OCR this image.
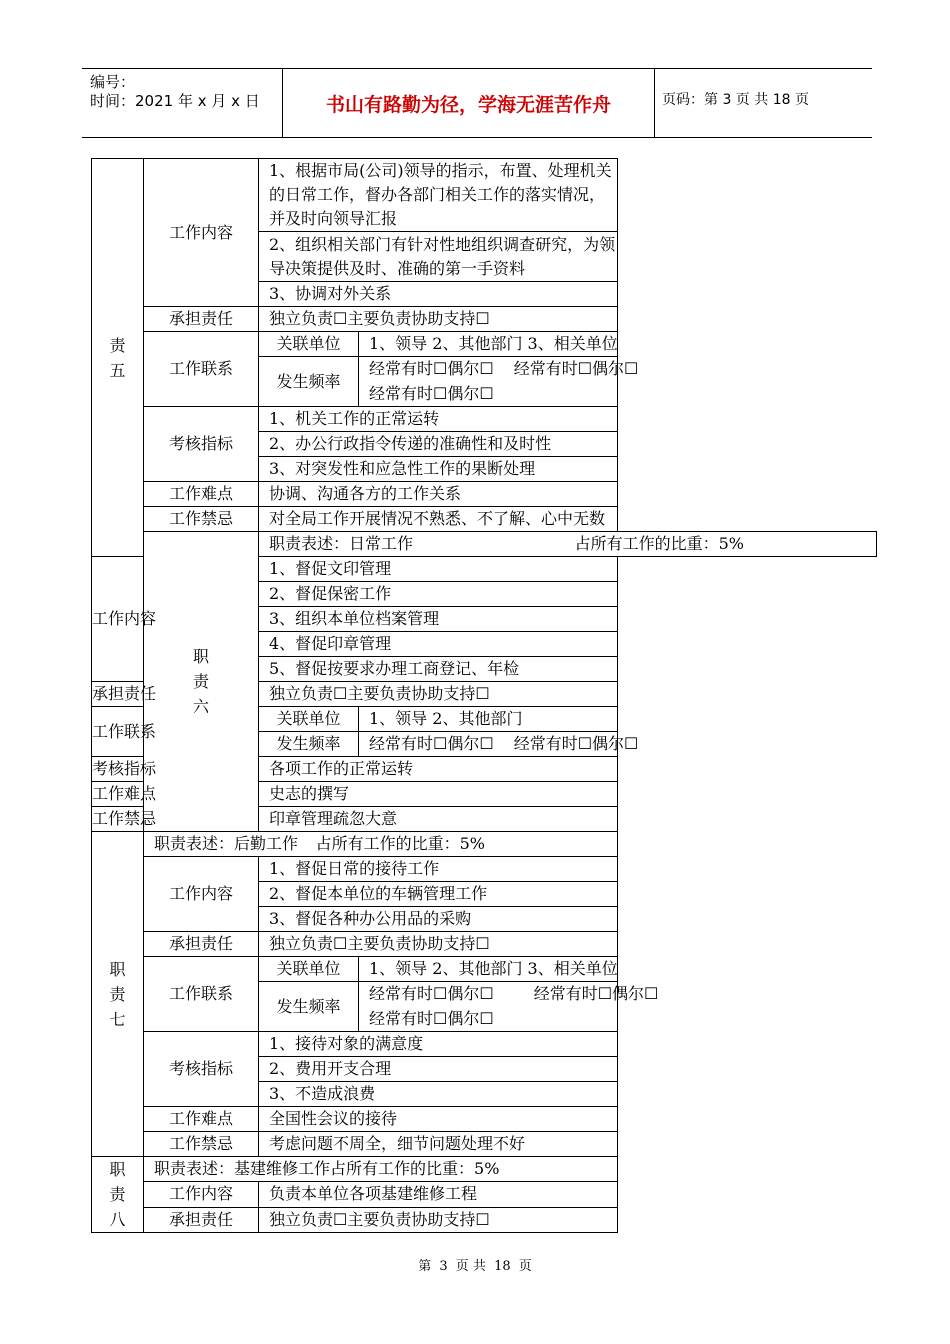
编号：
时间：2021 年 x 月 x 日	书山有路勤为径，学海无涯苦作舟	页码：第 3 页 共 18 页
责
五	工作内容	1、根据市局(公司)领导的指示，布置、处理机关的日常工作，督办各部门相关工作的落实情况，并及时向领导汇报	
		2、组织相关部门有针对性地组织调查研究，为领导决策提供及时、准确的第一手资料	
		3、协调对外关系	
	承担责任	独立负责☐主要负责协助支持☐	
	工作联系	关联单位	1、领导 2、其他部门 3、相关单位
		发生频率	经常有时☐偶尔☐ 经常有时☐偶尔☐
			经常有时☐偶尔☐
	考核指标	1、机关工作的正常运转	
		2、办公行政指令传递的准确性和及时性	
		3、对突发性和应急性工作的果断处理	
	工作难点	协调、沟通各方的工作关系	
	工作禁忌	对全局工作开展情况不熟悉、不了解、心中无数	
	职
责
六	职责表述：日常工作 占所有工作的比重：5%	

工作内容		1、督促文印管理	
		2、督促保密工作	
		3、组织本单位档案管理	
		4、督促印章管理	
		5、督促按要求办理工商登记、年检	
承担责任		独立负责☐主要负责协助支持☐	
工作联系		关联单位	1、领导 2、其他部门
		发生频率	经常有时☐偶尔☐ 经常有时☐偶尔☐
考核指标		各项工作的正常运转	
工作难点		史志的撰写	
工作禁忌		印章管理疏忽大意	
职
责
七	职责表述：后勤工作 占所有工作的比重：5%		

	工作内容	1、督促日常的接待工作	
		2、督促本单位的车辆管理工作	
		3、督促各种办公用品的采购	
	承担责任	独立负责☐主要负责协助支持☐	
	工作联系	关联单位	1、领导 2、其他部门 3、相关单位
		发生频率	经常有时☐偶尔☐ 经常有时☐偶尔☐
			经常有时☐偶尔☐
	考核指标	1、接待对象的满意度	
		2、费用开支合理	
		3、不造成浪费	
	工作难点	全国性会议的接待	
	工作禁忌	考虑问题不周全，细节问题处理不好	
职
责
八	职责表述：基建维修工作 占所有工作的比重：5%		

	工作内容	负责本单位各项基建维修工程	
	承担责任	独立负责☐主要负责协助支持☐	
第 3 页 共 18 页
